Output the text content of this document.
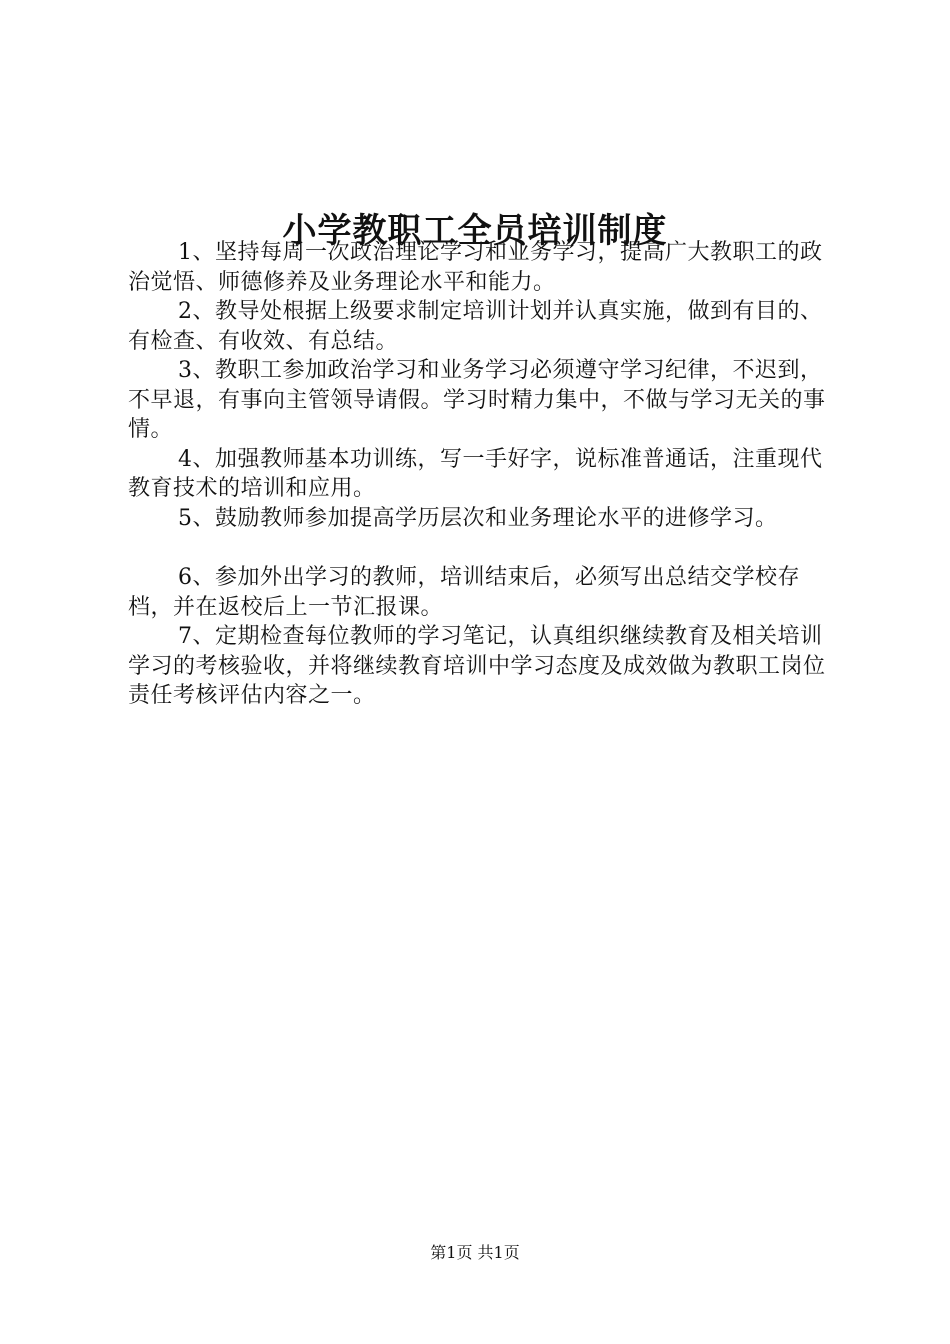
小学教职工全员培训制度

1、坚持每周一次政治理论学习和业务学习，提高广大教职工的政治觉悟、师德修养及业务理论水平和能力。

2、教导处根据上级要求制定培训计划并认真实施，做到有目的、有检查、有收效、有总结。

3、教职工参加政治学习和业务学习必须遵守学习纪律，不迟到，不早退，有事向主管领导请假。学习时精力集中，不做与学习无关的事情。

4、加强教师基本功训练，写一手好字，说标准普通话，注重现代教育技术的培训和应用。

5、鼓励教师参加提高学历层次和业务理论水平的进修学习。

6、参加外出学习的教师，培训结束后，必须写出总结交学校存档，并在返校后上一节汇报课。

7、定期检查每位教师的学习笔记，认真组织继续教育及相关培训学习的考核验收，并将继续教育培训中学习态度及成效做为教职工岗位责任考核评估内容之一。

第1页 共1页
